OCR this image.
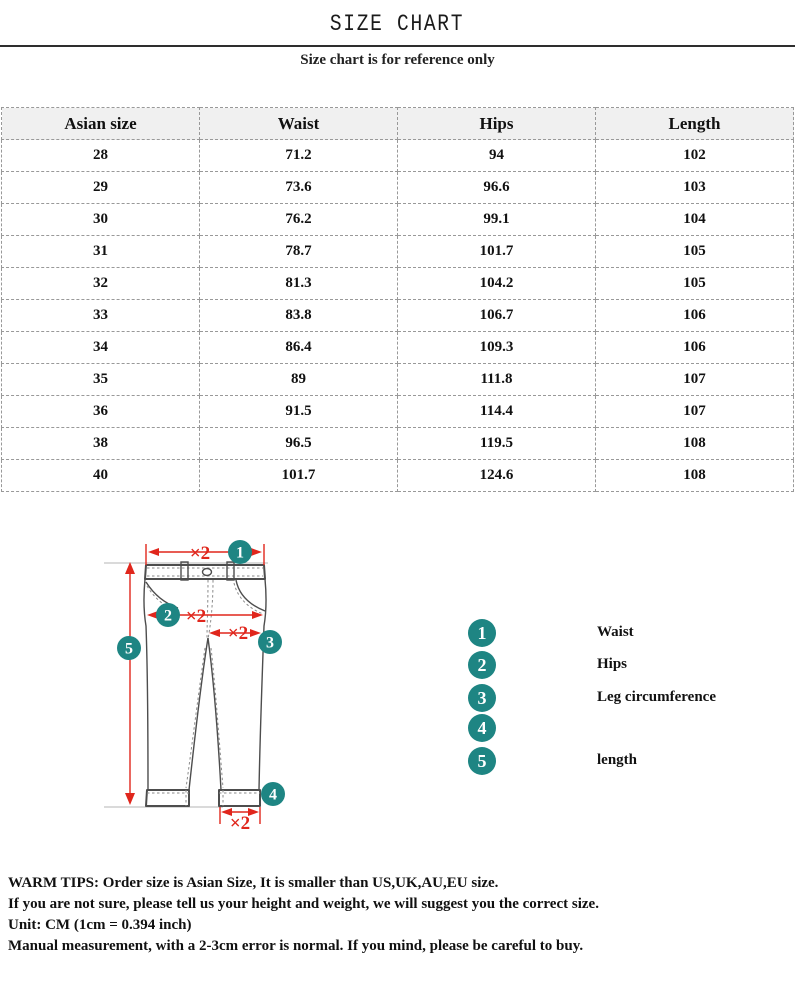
SIZE CHART
Size chart is for reference only
Asian size	Waist	Hips	Length
28	71.2	94	102
29	73.6	96.6	103
30	76.2	99.1	104
31	78.7	101.7	105
32	81.3	104.2	105
33	83.8	106.7	106
34	86.4	109.3	106
35	89	111.8	107
36	91.5	114.4	107
38	96.5	119.5	108
40	101.7	124.6	108
×2 1
5
2 ×2
×2 3
×2
4
1	Waist
2	Hips
3	Leg circumference
4
5	length
WARM TIPS: Order size is Asian Size, It is smaller than US,UK,AU,EU size.
If you are not sure, please tell us your height and weight, we will suggest you the correct size.
Unit: CM (1cm = 0.394 inch)
Manual measurement, with a 2-3cm error is normal. If you mind, please be careful to buy.
